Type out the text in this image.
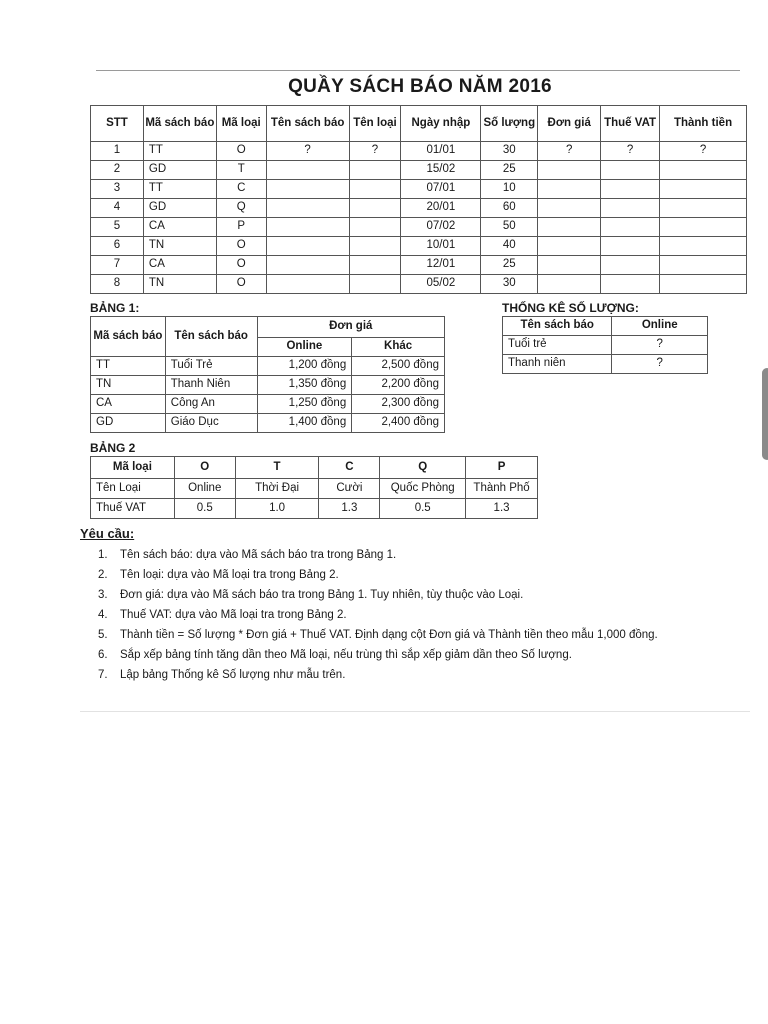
QUẦY SÁCH BÁO NĂM 2016
STT	Mã sách báo	Mã loại	Tên sách báo	Tên loại	Ngày nhập	Số lượng	Đơn giá	Thuế VAT	Thành tiền
1	TT	O	?	?	01/01	30	?	?	?
2	GD	T			15/02	25			
3	TT	C			07/01	10			
4	GD	Q			20/01	60			
5	CA	P			07/02	50			
6	TN	O			10/01	40			
7	CA	O			12/01	25			
8	TN	O			05/02	30			
BẢNG 1:
Mã sách báo	Tên sách báo	Đơn giá	
		Online	Khác
TT	Tuổi Trẻ	1,200 đồng	2,500 đồng
TN	Thanh Niên	1,350 đồng	2,200 đồng
CA	Công An	1,250 đồng	2,300 đồng
GD	Giáo Dục	1,400 đồng	2,400 đồng
THỐNG KÊ SỐ LƯỢNG:
Tên sách báo	Online
Tuổi trẻ	?
Thanh niên	?
BẢNG 2
Mã loại	O	T	C	Q	P
Tên Loại	Online	Thời Đại	Cười	Quốc Phòng	Thành Phố
Thuế VAT	0.5	1.0	1.3	0.5	1.3
Yêu cầu:
1. Tên sách báo: dựa vào Mã sách báo tra trong Bảng 1.
2. Tên loại: dựa vào Mã loại tra trong Bảng 2.
3. Đơn giá: dựa vào Mã sách báo tra trong Bảng 1. Tuy nhiên, tùy thuộc vào Loại.
4. Thuế VAT: dựa vào Mã loại tra trong Bảng 2.
5. Thành tiền = Số lượng * Đơn giá + Thuế VAT. Định dạng cột Đơn giá và Thành tiền theo mẫu 1,000 đồng.
6. Sắp xếp bảng tính tăng dần theo Mã loại, nếu trùng thì sắp xếp giảm dần theo Số lượng.
7. Lập bảng Thống kê Số lượng như mẫu trên.
